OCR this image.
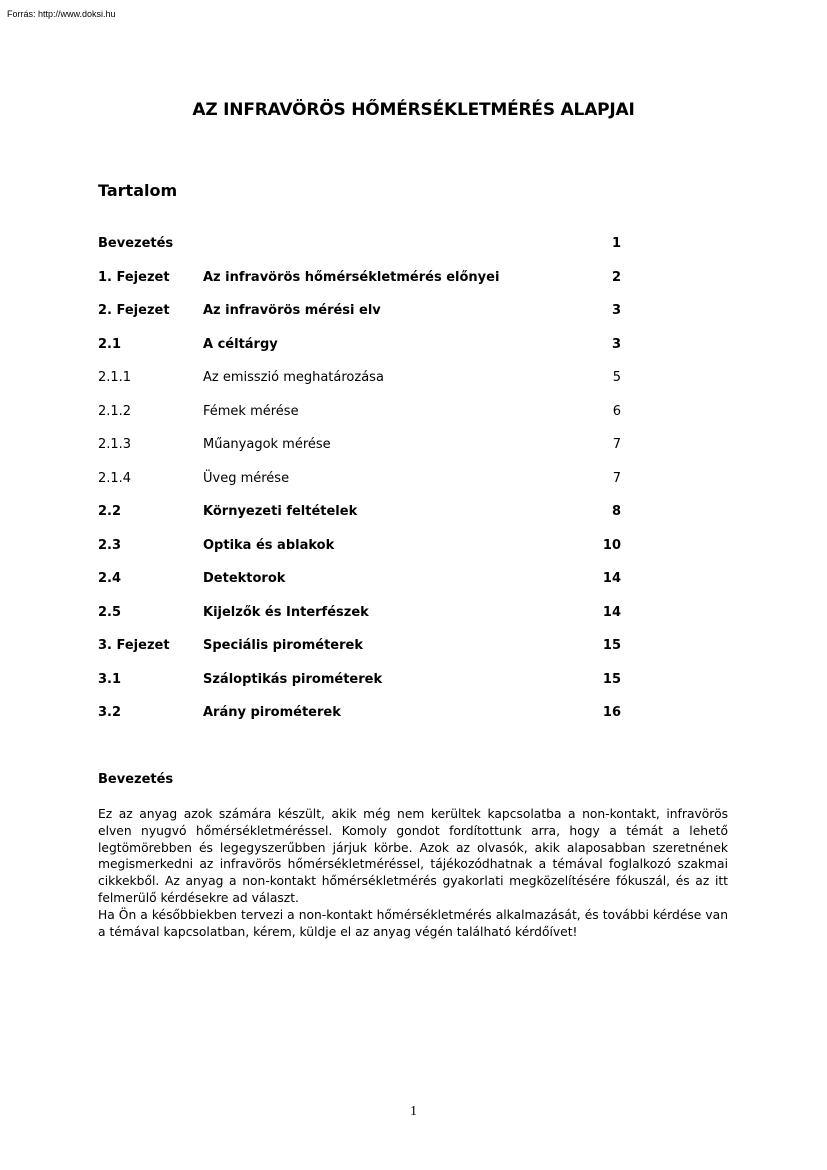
Forrás: http://www.doksi.hu
AZ INFRAVÖRÖS HŐMÉRSÉKLETMÉRÉS ALAPJAI
Tartalom
Bevezetés	1
1. Fejezet	Az infravörös hőmérsékletmérés előnyei	2
2. Fejezet	Az infravörös mérési elv	3
2.1	A céltárgy	3
2.1.1	Az emisszió meghatározása	5
2.1.2	Fémek mérése	6
2.1.3	Műanyagok mérése	7
2.1.4	Üveg mérése	7
2.2	Környezeti feltételek	8
2.3	Optika és ablakok	10
2.4	Detektorok	14
2.5	Kijelzők és Interfészek	14
3. Fejezet	Speciális pirométerek	15
3.1	Száloptikás pirométerek	15
3.2	Arány pirométerek	16
Bevezetés

Ez az anyag azok számára készült, akik még nem kerültek kapcsolatba a non-kontakt, infravörös elven nyugvó hőmérsékletméréssel. Komoly gondot fordítottunk arra, hogy a témát a lehető legtömörebben és legegyszerűbben járjuk körbe. Azok az olvasók, akik alaposabban szeretnének megismerkedni az infravörös hőmérsékletméréssel, tájékozódhatnak a témával foglalkozó szakmai cikkekből. Az anyag a non-kontakt hőmérsékletmérés gyakorlati megközelítésére fókuszál, és az itt felmerülő kérdésekre ad választ.

Ha Ön a későbbiekben tervezi a non-kontakt hőmérsékletmérés alkalmazását, és további kérdése van a témával kapcsolatban, kérem, küldje el az anyag végén található kérdőívet!

1
